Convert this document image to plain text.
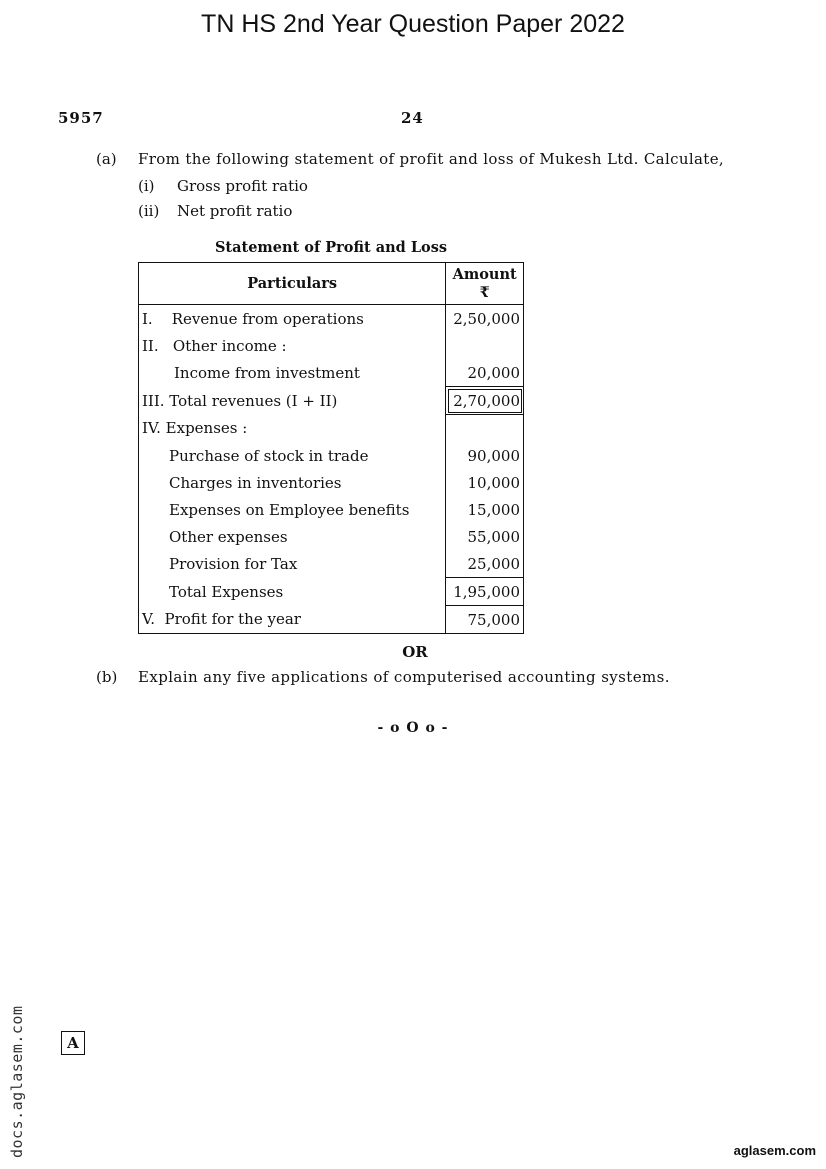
TN HS 2nd Year Question Paper 2022
5957	24
(a) From the following statement of profit and loss of Mukesh Ltd. Calculate,
(i) Gross profit ratio
(ii) Net profit ratio
Statement of Profit and Loss
Particulars	Amount
₹

I.    Revenue from operations	2,50,000
II.   Other income :	
Income from investment	20,000
III. Total revenues (I + II)	2,70,000
IV. Expenses :	
Purchase of stock in trade	90,000
Charges in inventories	10,000
Expenses on Employee benefits	15,000
Other expenses	55,000
Provision for Tax	25,000
Total Expenses	1,95,000
V.  Profit for the year	75,000
OR
(b) Explain any five applications of computerised accounting systems.
- o O o -
docs.aglasem.com	A
aglasem.com
